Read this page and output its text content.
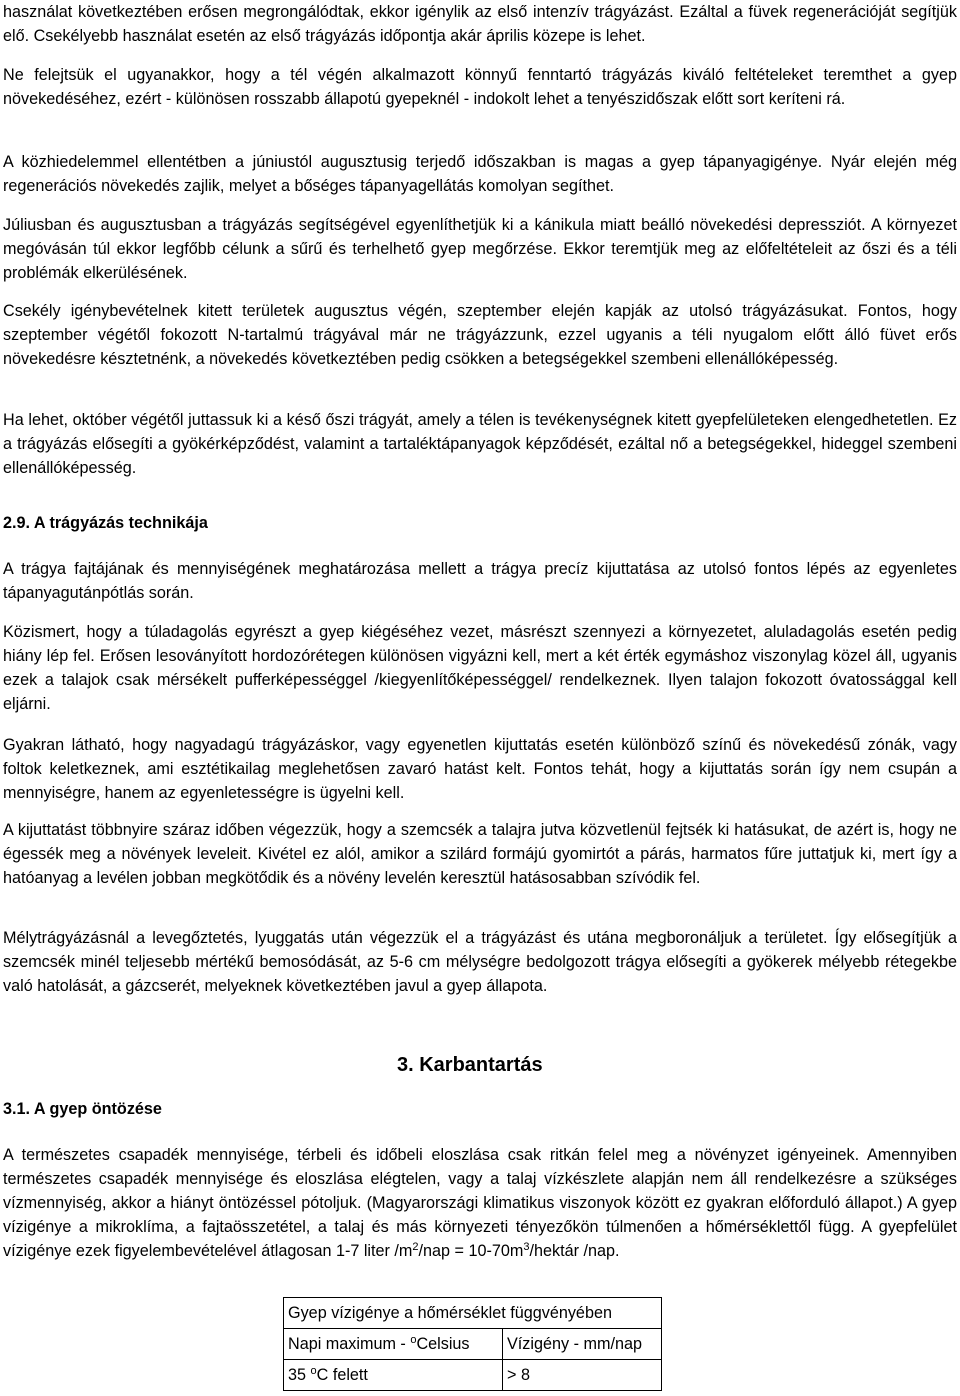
használat következtében erősen megrongálódtak, ekkor igénylik az első intenzív trágyázást. Ezáltal a füvek regenerációját segítjük elő. Csekélyebb használat esetén az első trágyázás időpontja akár április közepe is lehet.

Ne felejtsük el ugyanakkor, hogy a tél végén alkalmazott könnyű fenntartó trágyázás kiváló feltételeket teremthet a gyep növekedéséhez, ezért - különösen rosszabb állapotú gyepeknél - indokolt lehet a tenyészidőszak előtt sort keríteni rá.

A közhiedelemmel ellentétben a júniustól augusztusig terjedő időszakban is magas a gyep tápanyagigénye. Nyár elején még regenerációs növekedés zajlik, melyet a bőséges tápanyagellátás komolyan segíthet.

Júliusban és augusztusban a trágyázás segítségével egyenlíthetjük ki a kánikula miatt beálló növekedési depressziót. A környezet megóvásán túl ekkor legfőbb célunk a sűrű és terhelhető gyep megőrzése. Ekkor teremtjük meg az előfeltételeit az őszi és a téli problémák elkerülésének.

Csekély igénybevételnek kitett területek augusztus végén, szeptember elején kapják az utolsó trágyázásukat. Fontos, hogy szeptember végétől fokozott N-tartalmú trágyával már ne trágyázzunk, ezzel ugyanis a téli nyugalom előtt álló füvet erős növekedésre késztetnénk, a növekedés következtében pedig csökken a betegségekkel szembeni ellenállóképesség.

Ha lehet, október végétől juttassuk ki a késő őszi trágyát, amely a télen is tevékenységnek kitett gyepfelületeken elengedhetetlen. Ez a trágyázás elősegíti a gyökérképződést, valamint a tartaléktápanyagok képződését, ezáltal nő a betegségekkel, hideggel szembeni ellenállóképesség.

2.9. A trágyázás technikája

A trágya fajtájának és mennyiségének meghatározása mellett a trágya precíz kijuttatása az utolsó fontos lépés az egyenletes tápanyagutánpótlás során.

Közismert, hogy a túladagolás egyrészt a gyep kiégéséhez vezet, másrészt szennyezi a környezetet, aluladagolás esetén pedig hiány lép fel. Erősen lesoványított hordozórétegen különösen vigyázni kell, mert a két érték egymáshoz viszonylag közel áll, ugyanis ezek a talajok csak mérsékelt pufferképességgel /kiegyenlítőképességgel/ rendelkeznek. Ilyen talajon fokozott óvatossággal kell eljárni.

Gyakran látható, hogy nagyadagú trágyázáskor, vagy egyenetlen kijuttatás esetén különböző színű és növekedésű zónák, vagy foltok keletkeznek, ami esztétikailag meglehetősen zavaró hatást kelt. Fontos tehát, hogy a kijuttatás során így nem csupán a mennyiségre, hanem az egyenletességre is ügyelni kell.

A kijuttatást többnyire száraz időben végezzük, hogy a szemcsék a talajra jutva közvetlenül fejtsék ki hatásukat, de azért is, hogy ne égessék meg a növények leveleit. Kivétel ez alól, amikor a szilárd formájú gyomirtót a párás, harmatos fűre juttatjuk ki, mert így a hatóanyag a levélen jobban megkötődik és a növény levelén keresztül hatásosabban szívódik fel.

Mélytrágyázásnál a levegőztetés, lyuggatás után végezzük el a trágyázást és utána megboronáljuk a területet. Így elősegítjük a szemcsék minél teljesebb mértékű bemosódását, az 5-6 cm mélységre bedolgozott trágya elősegíti a gyökerek mélyebb rétegekbe való hatolását, a gázcserét, melyeknek következtében javul a gyep állapota.

3. Karbantartás
3.1. A gyep öntözése

A természetes csapadék mennyisége, térbeli és időbeli eloszlása csak ritkán felel meg a növényzet igényeinek. Amennyiben természetes csapadék mennyisége és eloszlása elégtelen, vagy a talaj vízkészlete alapján nem áll rendelkezésre a szükséges vízmennyiség, akkor a hiányt öntözéssel pótoljuk. (Magyarországi klimatikus viszonyok között ez gyakran előforduló állapot.) A gyep vízigénye a mikroklíma, a fajtaösszetétel, a talaj és más környezeti tényezőkön túlmenően a hőmérséklettől függ. A gyepfelület vízigénye ezek figyelembevételével átlagosan 1-7 liter $/m^2$/nap = $10-70m^3$/hektár /nap.

Gyep vízigénye a hőmérséklet függvényében	
Napi maximum - $^o$Celsius	Vízigény - mm/nap
35 $^o$C felett	> 8
